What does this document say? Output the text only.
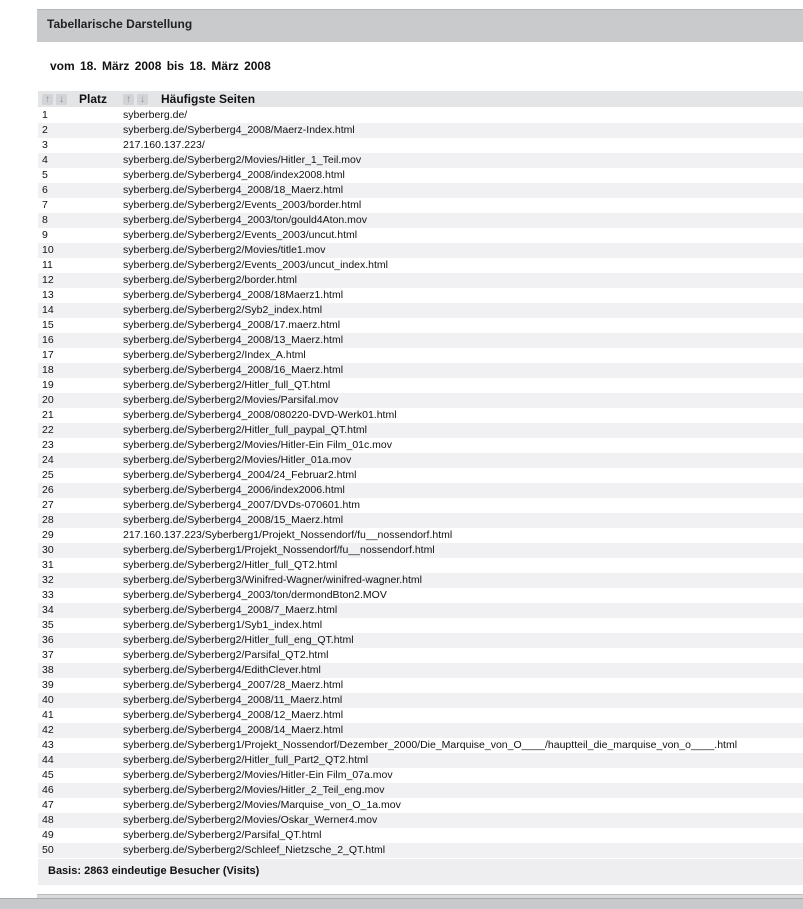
Tabellarische Darstellung
vom 18. März 2008 bis 18. März 2008
↑ ↓ Platz	↑ ↓ Häufigste Seiten
1	syberberg.de/
2	syberberg.de/Syberberg4_2008/Maerz-Index.html
3	217.160.137.223/
4	syberberg.de/Syberberg2/Movies/Hitler_1_Teil.mov
5	syberberg.de/Syberberg4_2008/index2008.html
6	syberberg.de/Syberberg4_2008/18_Maerz.html
7	syberberg.de/Syberberg2/Events_2003/border.html
8	syberberg.de/Syberberg4_2003/ton/gould4Aton.mov
9	syberberg.de/Syberberg2/Events_2003/uncut.html
10	syberberg.de/Syberberg2/Movies/title1.mov
11	syberberg.de/Syberberg2/Events_2003/uncut_index.html
12	syberberg.de/Syberberg2/border.html
13	syberberg.de/Syberberg4_2008/18Maerz1.html
14	syberberg.de/Syberberg2/Syb2_index.html
15	syberberg.de/Syberberg4_2008/17.maerz.html
16	syberberg.de/Syberberg4_2008/13_Maerz.html
17	syberberg.de/Syberberg2/Index_A.html
18	syberberg.de/Syberberg4_2008/16_Maerz.html
19	syberberg.de/Syberberg2/Hitler_full_QT.html
20	syberberg.de/Syberberg2/Movies/Parsifal.mov
21	syberberg.de/Syberberg4_2008/080220-DVD-Werk01.html
22	syberberg.de/Syberberg2/Hitler_full_paypal_QT.html
23	syberberg.de/Syberberg2/Movies/Hitler-Ein Film_01c.mov
24	syberberg.de/Syberberg2/Movies/Hitler_01a.mov
25	syberberg.de/Syberberg4_2004/24_Februar2.html
26	syberberg.de/Syberberg4_2006/index2006.html
27	syberberg.de/Syberberg4_2007/DVDs-070601.htm
28	syberberg.de/Syberberg4_2008/15_Maerz.html
29	217.160.137.223/Syberberg1/Projekt_Nossendorf/fu__nossendorf.html
30	syberberg.de/Syberberg1/Projekt_Nossendorf/fu__nossendorf.html
31	syberberg.de/Syberberg2/Hitler_full_QT2.html
32	syberberg.de/Syberberg3/Winifred-Wagner/winifred-wagner.html
33	syberberg.de/Syberberg4_2003/ton/dermondBton2.MOV
34	syberberg.de/Syberberg4_2008/7_Maerz.html
35	syberberg.de/Syberberg1/Syb1_index.html
36	syberberg.de/Syberberg2/Hitler_full_eng_QT.html
37	syberberg.de/Syberberg2/Parsifal_QT2.html
38	syberberg.de/Syberberg4/EdithClever.html
39	syberberg.de/Syberberg4_2007/28_Maerz.html
40	syberberg.de/Syberberg4_2008/11_Maerz.html
41	syberberg.de/Syberberg4_2008/12_Maerz.html
42	syberberg.de/Syberberg4_2008/14_Maerz.html
43	syberberg.de/Syberberg1/Projekt_Nossendorf/Dezember_2000/Die_Marquise_von_O____/hauptteil_die_marquise_von_o____.html
44	syberberg.de/Syberberg2/Hitler_full_Part2_QT2.html
45	syberberg.de/Syberberg2/Movies/Hitler-Ein Film_07a.mov
46	syberberg.de/Syberberg2/Movies/Hitler_2_Teil_eng.mov
47	syberberg.de/Syberberg2/Movies/Marquise_von_O_1a.mov
48	syberberg.de/Syberberg2/Movies/Oskar_Werner4.mov
49	syberberg.de/Syberberg2/Parsifal_QT.html
50	syberberg.de/Syberberg2/Schleef_Nietzsche_2_QT.html
Basis: 2863 eindeutige Besucher (Visits)
